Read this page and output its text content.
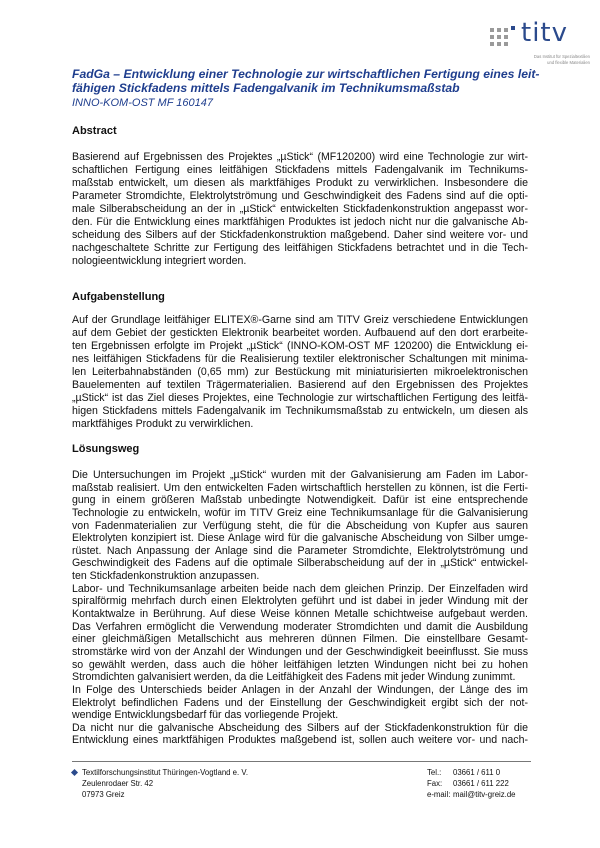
titv
Das Institut für Spezialtextilien
und flexible Materialien
FadGa – Entwicklung einer Technologie zur wirtschaftlichen Fertigung eines leit-
fähigen Stickfadens mittels Fadengalvanik im Technikumsmaßstab
INNO-KOM-OST MF 160147
Abstract
Basierend auf Ergebnissen des Projektes „µStick“ (MF120200) wird eine Technologie zur wirt-
schaftlichen Fertigung eines leitfähigen Stickfadens mittels Fadengalvanik im Technikums-
maßstab entwickelt, um diesen als marktfähiges Produkt zu verwirklichen. Insbesondere die
Parameter Stromdichte, Elektrolytströmung und Geschwindigkeit des Fadens sind auf die opti-
male Silberabscheidung an der in „µStick“ entwickelten Stickfadenkonstruktion angepasst wor-
den. Für die Entwicklung eines marktfähigen Produktes ist jedoch nicht nur die galvanische Ab-
scheidung des Silbers auf der Stickfadenkonstruktion maßgebend. Daher sind weitere vor- und
nachgeschaltete Schritte zur Fertigung des leitfähigen Stickfadens betrachtet und in die Tech-
nologieentwicklung integriert worden.
Aufgabenstellung
Auf der Grundlage leitfähiger ELITEX®-Garne sind am TITV Greiz verschiedene Entwicklungen
auf dem Gebiet der gestickten Elektronik bearbeitet worden. Aufbauend auf den dort erarbeite-
ten Ergebnissen erfolgte im Projekt „µStick“ (INNO-KOM-OST MF 120200) die Entwicklung ei-
nes leitfähigen Stickfadens für die Realisierung textiler elektronischer Schaltungen mit minima-
len Leiterbahnabständen (0,65 mm) zur Bestückung mit miniaturisierten mikroelektronischen
Bauelementen auf textilen Trägermaterialien. Basierend auf den Ergebnissen des Projektes
„µStick“ ist das Ziel dieses Projektes, eine Technologie zur wirtschaftlichen Fertigung des leitfä-
higen Stickfadens mittels Fadengalvanik im Technikumsmaßstab zu entwickeln, um diesen als
marktfähiges Produkt zu verwirklichen.
Lösungsweg
Die Untersuchungen im Projekt „µStick“ wurden mit der Galvanisierung am Faden im Labor-
maßstab realisiert. Um den entwickelten Faden wirtschaftlich herstellen zu können, ist die Ferti-
gung in einem größeren Maßstab unbedingte Notwendigkeit. Dafür ist eine entsprechende
Technologie zu entwickeln, wofür im TITV Greiz eine Technikumsanlage für die Galvanisierung
von Fadenmaterialien zur Verfügung steht, die für die Abscheidung von Kupfer aus sauren
Elektrolyten konzipiert ist. Diese Anlage wird für die galvanische Abscheidung von Silber umge-
rüstet. Nach Anpassung der Anlage sind die Parameter Stromdichte, Elektrolytströmung und
Geschwindigkeit des Fadens auf die optimale Silberabscheidung auf der in „µStick“ entwickel-
ten Stickfadenkonstruktion anzupassen.
Labor- und Technikumsanlage arbeiten beide nach dem gleichen Prinzip. Der Einzelfaden wird
spiralförmig mehrfach durch einen Elektrolyten geführt und ist dabei in jeder Windung mit der
Kontaktwalze in Berührung. Auf diese Weise können Metalle schichtweise aufgebaut werden.
Das Verfahren ermöglicht die Verwendung moderater Stromdichten und damit die Ausbildung
einer gleichmäßigen Metallschicht aus mehreren dünnen Filmen. Die einstellbare Gesamt-
stromstärke wird von der Anzahl der Windungen und der Geschwindigkeit beeinflusst. Sie muss
so gewählt werden, dass auch die höher leitfähigen letzten Windungen nicht bei zu hohen
Stromdichten galvanisiert werden, da die Leitfähigkeit des Fadens mit jeder Windung zunimmt.
In Folge des Unterschieds beider Anlagen in der Anzahl der Windungen, der Länge des im
Elektrolyt befindlichen Fadens und der Einstellung der Geschwindigkeit ergibt sich der not-
wendige Entwicklungsbedarf für das vorliegende Projekt.
Da nicht nur die galvanische Abscheidung des Silbers auf der Stickfadenkonstruktion für die
Entwicklung eines marktfähigen Produktes maßgebend ist, sollen auch weitere vor- und nach-
Textilforschungsinstitut Thüringen-Vogtland e. V.
Zeulenrodaer Str. 42
07973 Greiz
Tel.: 03661 / 611 0
Fax: 03661 / 611 222
e-mail: mail@titv-greiz.de
